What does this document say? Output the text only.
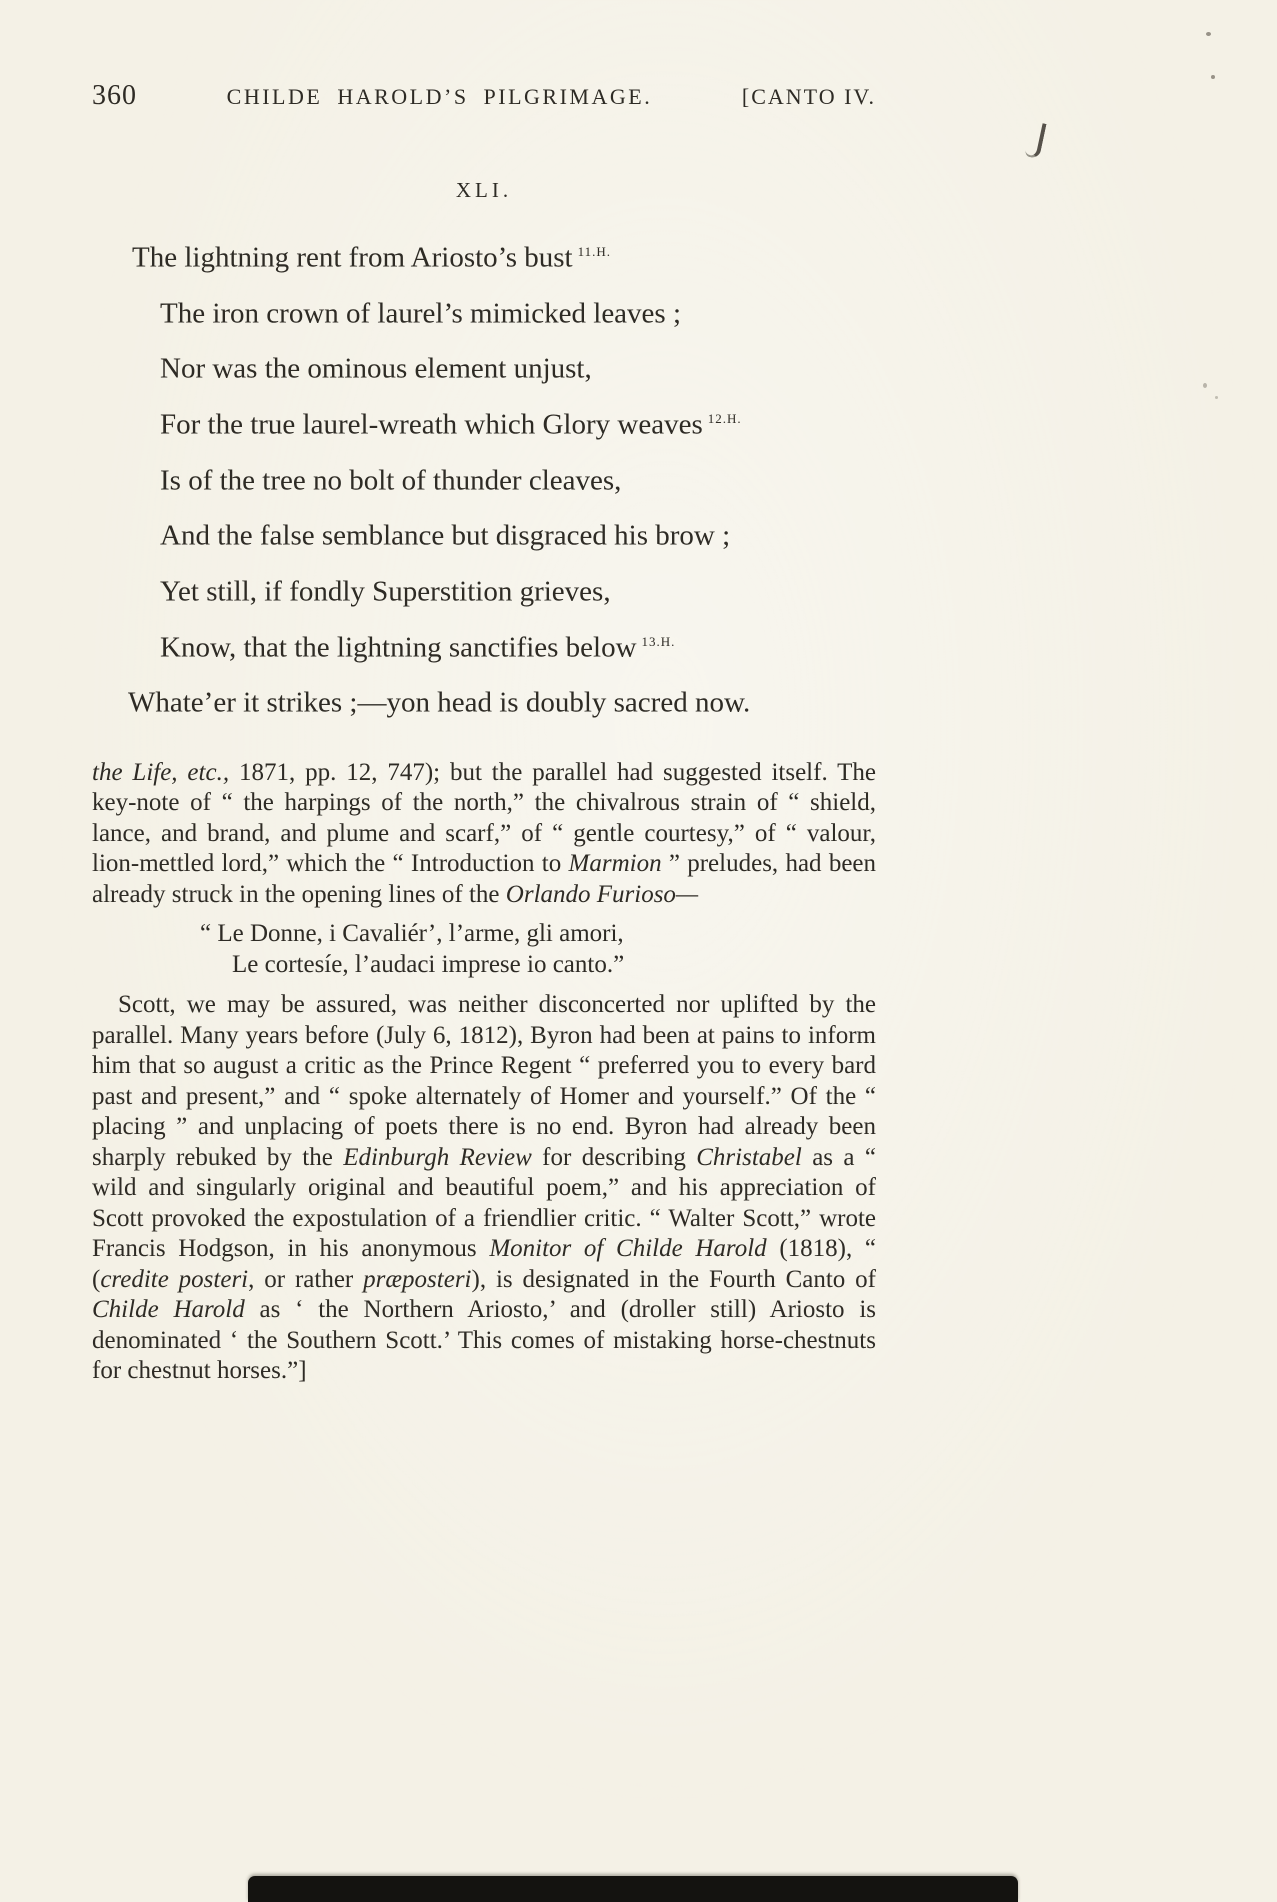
360	CHILDE HAROLD’S PILGRIMAGE.	[CANTO IV.
XLI.

The lightning rent from Ariosto’s bust $^{11.H.}$

The iron crown of laurel’s mimicked leaves ;

Nor was the ominous element unjust,

For the true laurel-wreath which Glory weaves $^{12.H.}$

Is of the tree no bolt of thunder cleaves,

And the false semblance but disgraced his brow ;

Yet still, if fondly Superstition grieves,

Know, that the lightning sanctifies below $^{13.H.}$

Whate’er it strikes ;—yon head is doubly sacred now.

the Life, etc., 1871, pp. 12, 747); but the parallel had suggested itself. The key-note of “ the harpings of the north,” the chivalrous strain of “ shield, lance, and brand, and plume and scarf,” of “ gentle courtesy,” of “ valour, lion-mettled lord,” which the “ Introduction to Marmion ” preludes, had been already struck in the opening lines of the Orlando Furioso—

“ Le Donne, i Cavaliér’, l’arme, gli amori,
Le cortesíe, l’audaci imprese io canto.”

Scott, we may be assured, was neither disconcerted nor uplifted by the parallel. Many years before (July 6, 1812), Byron had been at pains to inform him that so august a critic as the Prince Regent “ preferred you to every bard past and present,” and “ spoke alternately of Homer and yourself.” Of the “ placing ” and unplacing of poets there is no end. Byron had already been sharply rebuked by the Edinburgh Review for describing Christabel as a “ wild and singularly original and beautiful poem,” and his appreciation of Scott provoked the expostulation of a friendlier critic. “ Walter Scott,” wrote Francis Hodgson, in his anonymous Monitor of Childe Harold (1818), “ (credite posteri, or rather præposteri), is designated in the Fourth Canto of Childe Harold as ‘ the Northern Ariosto,’ and (droller still) Ariosto is denominated ‘ the Southern Scott.’ This comes of mistaking horse-chestnuts for chestnut horses.”]
